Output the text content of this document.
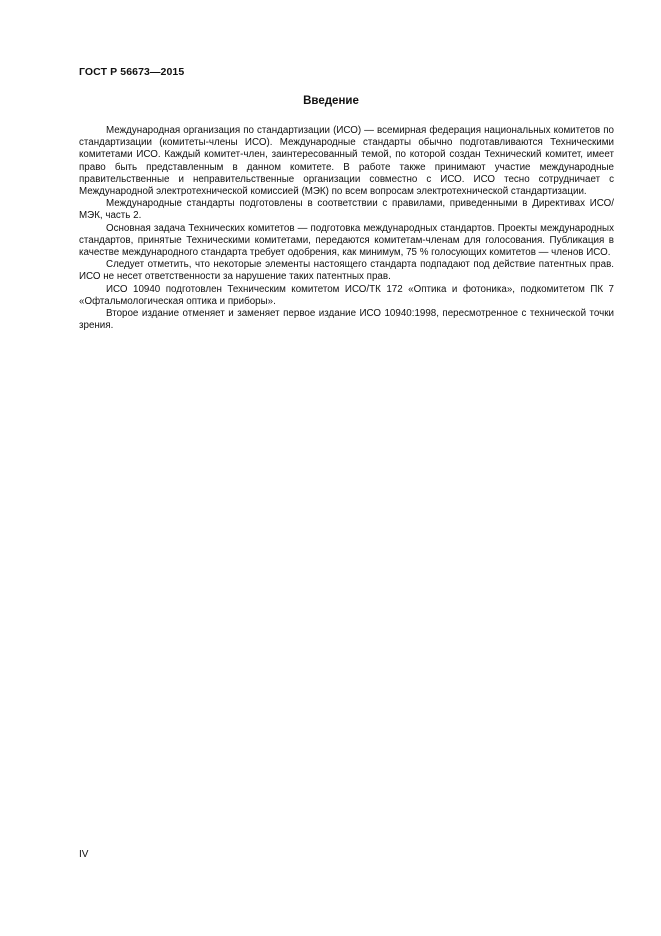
ГОСТ Р 56673—2015
Введение

Международная организация по стандартизации (ИСО) — всемирная федерация национальных комитетов по стандартизации (комитеты-члены ИСО). Международные стандарты обычно подготавливаются Техническими комитетами ИСО. Каждый комитет-член, заинтересованный темой, по которой создан Технический комитет, имеет право быть представленным в данном комитете. В работе также принимают участие международные правительственные и неправительственные организации совместно с ИСО. ИСО тесно сотрудничает с Международной электротехнической комиссией (МЭК) по всем вопросам электротехнической стандартизации.

Международные стандарты подготовлены в соответствии с правилами, приведенными в Директивах ИСО/МЭК, часть 2.

Основная задача Технических комитетов — подготовка международных стандартов. Проекты международных стандартов, принятые Техническими комитетами, передаются комитетам-членам для голосования. Публикация в качестве международного стандарта требует одобрения, как минимум, 75 % голосующих комитетов — членов ИСО.

Следует отметить, что некоторые элементы настоящего стандарта подпадают под действие патентных прав. ИСО не несет ответственности за нарушение таких патентных прав.

ИСО 10940 подготовлен Техническим комитетом ИСО/ТК 172 «Оптика и фотоника», подкомитетом ПК 7 «Офтальмологическая оптика и приборы».

Второе издание отменяет и заменяет первое издание ИСО 10940:1998, пересмотренное с технической точки зрения.

IV
